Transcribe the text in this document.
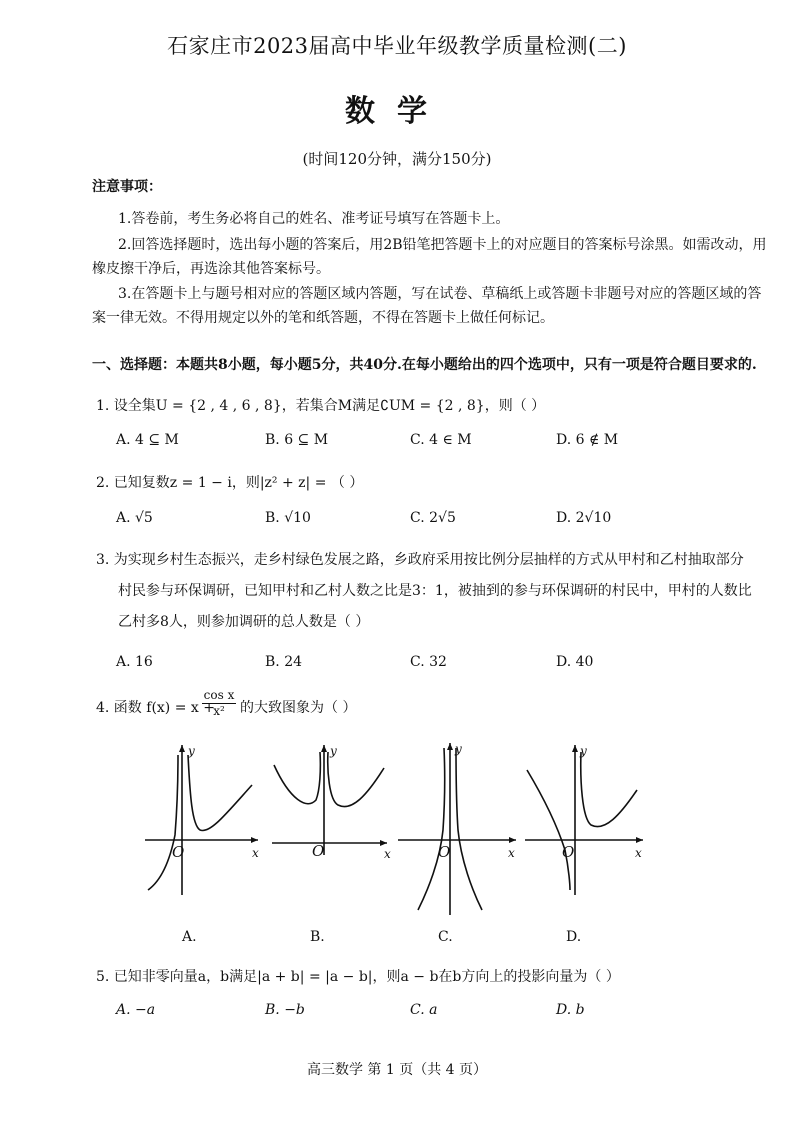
石家庄市2023届高中毕业年级教学质量检测(二)
数学
(时间120分钟，满分150分)
注意事项：
1.答卷前，考生务必将自己的姓名、准考证号填写在答题卡上。
2.回答选择题时，选出每小题的答案后，用2B铅笔把答题卡上的对应题目的答案标号涂黑。如需改动，用
橡皮擦干净后，再选涂其他答案标号。
3.在答题卡上与题号相对应的答题区域内答题，写在试卷、草稿纸上或答题卡非题号对应的答题区域的答
案一律无效。不得用规定以外的笔和纸答题，不得在答题卡上做任何标记。
一、选择题：本题共8小题，每小题5分，共40分.在每小题给出的四个选项中，只有一项是符合题目要求的.
1. 设全集U = {2 , 4 , 6 , 8}，若集合M满足∁UM = {2 , 8}，则（ ）
A. 4 ⊆ M	B. 6 ⊆ M	C. 4 ∈ M	D. 6 ∉ M
2. 已知复数z = 1 − i，则|z² + z| = （ ）
A. √5	B. √10	C. 2√5	D. 2√10
3. 为实现乡村生态振兴，走乡村绿色发展之路，乡政府采用按比例分层抽样的方式从甲村和乙村抽取部分
村民参与环保调研，已知甲村和乙村人数之比是3：1，被抽到的参与环保调研的村民中，甲村的人数比
乙村多8人，则参加调研的总人数是（ ）
A. 16	B. 24	C. 32	D. 40
4. 函数 f(x) = x +
$\frac{\text{cos x}}{\text{x²}}$ 的大致图象为（ ）
y
x
O
y
x
O
y
x
O
y
x
O
A.	B.	C.	D.
5. 已知非零向量a，b满足|a + b| = |a − b|，则a − b在b方向上的投影向量为（ ）
A. −a	B. −b	C. a	D. b
高三数学 第 1 页（共 4 页）
